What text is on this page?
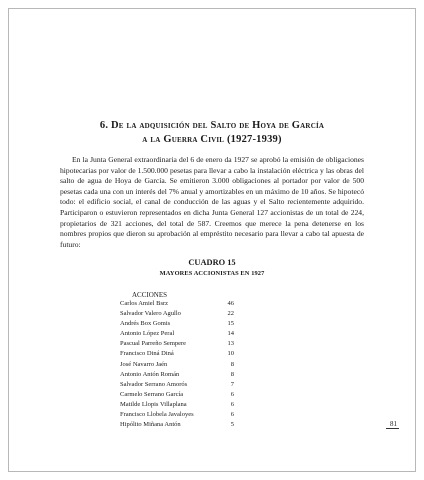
6. De la adquisición del Salto de Hoya de García
a la Guerra Civil (1927-1939)

En la Junta General extraordinaria del 6 de enero da 1927 se aprobó la emisión de obligaciones hipotecarias por valor de 1.500.000 pesetas para llevar a cabo la instalación eléctrica y las obras del salto de agua de Hoya de García. Se emitieron 3.000 obligaciones al portador por valor de 500 pesetas cada una con un interés del 7% anual y amortizables en un máximo de 10 años. Se hipotecó todo: el edificio social, el canal de conducción de las aguas y el Salto recientemente adquirido. Participaron o estuvieron representados en dicha Junta General 127 accionistas de un total de 224, propietarios de 321 acciones, del total de 587. Creemos que merece la pena detenerse en los nombres propios que dieron su aprobación al empréstito necesario para llevar a cabo tal apuesta de futuro:

CUADRO 15
MAYORES ACCIONISTAS EN 1927
ACCIONES
Carlos Amiel Bsrz	46
Salvador Valero Agullo	22
Andrés Box Gomis	15
Antonio López Peral	14
Pascual Parreño Sempere	13
Francisco Diná Diná	10
José Navarro Jaén	8
Antonio Antón Román	8
Salvador Serrano Amorós	7
Carmelo Serrano García	6
Matilde Llopis Villaplana	6
Francisco Llobela Javaloyes	6
Hipólito Miñana Antón	5	81
